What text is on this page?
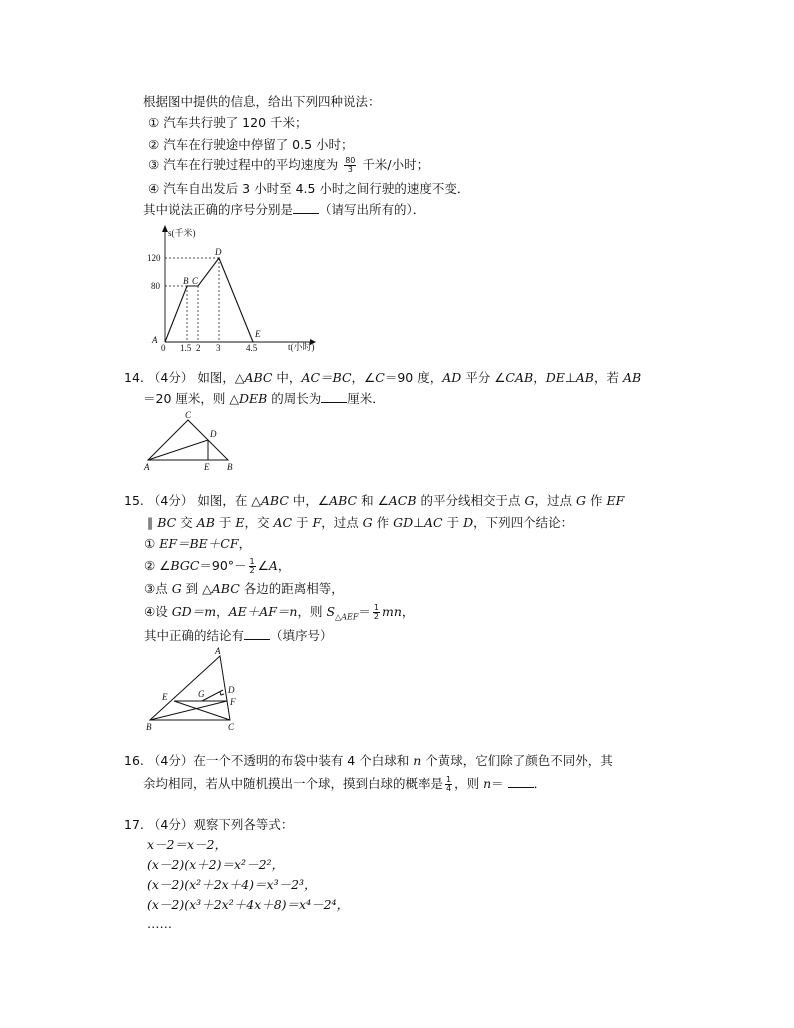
根据图中提供的信息，给出下列四种说法：
① 汽车共行驶了 120 千米；
② 汽车在行驶途中停留了 0.5 小时；
③ 汽车在行驶过程中的平均速度为 $\frac{80}{3}$ 千米/小时；
④ 汽车自出发后 3 小时至 4.5 小时之间行驶的速度不变．
其中说法正确的序号分别是 （请写出所有的）．
s(千米)
t(小时)
120
80
1.5 2 3	4.5
0
A
B C
D
E
14. （4分） 如图，△ABC 中，AC＝BC，∠C＝90 度，AD 平分 ∠CAB，DE⊥AB，若 AB
＝20 厘米，则 △DEB 的周长为 厘米．
C
D
A	E B
15. （4分） 如图，在 △ABC 中，∠ABC 和 ∠ACB 的平分线相交于点 G，过点 G 作 EF
∥ BC 交 AB 于 E，交 AC 于 F，过点 G 作 GD⊥AC 于 D，下列四个结论：
① EF＝BE＋CF，
② ∠BGC＝90°－ $\frac{1}{2}$ ∠A，
③点 G 到 △ABC 各边的距离相等，
④设 GD＝m，AE＋AF＝n，则 $S_{\triangle AEF}= \frac{1}{2}$ mn，
其中正确的结论有 （填序号）
A
E	G	D
F
B	C
16. （4分）在一个不透明的布袋中装有 4 个白球和 n 个黄球，它们除了颜色不同外，其
余均相同，若从中随机摸出一个球，摸到白球的概率是 $\frac{1}{4}$ ，则 n＝ ．
17. （4分）观察下列各等式：
x－2＝x－2，
(x－2)(x＋2)＝x²－2²，
(x－2)(x²＋2x＋4)＝x³－2³，
(x－2)(x³＋2x²＋4x＋8)＝x⁴－2⁴，
……
